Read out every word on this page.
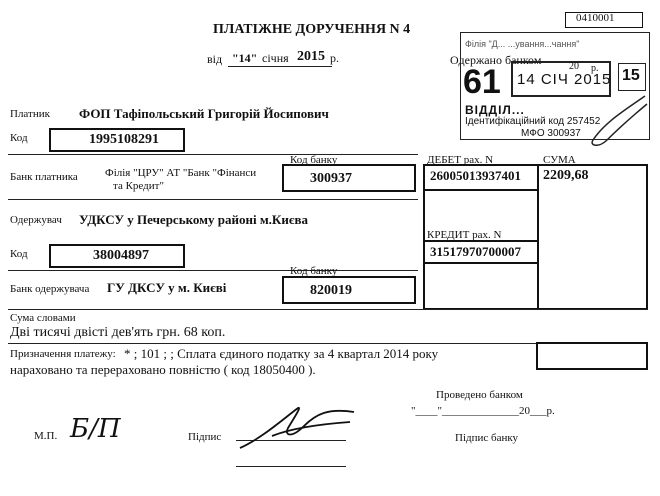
ПЛАТІЖНЕ ДОРУЧЕННЯ N 4
0410001
від "14" січня 2015 р.	Одержано банком
Філія "Д... ...ування...чання"
61 14 СІЧ 2015
20 р. 15
ВІДДІЛ...
Ідентифікаційний код 257452
МФО 300937
Платник ФОП Тафіпольський Григорій Йосипович
Код	1995108291
Банк платника Філія "ЦРУ" АТ "Банк "Фінанси
та Кредит"
Код банку
300937
ДЕБЕТ рах. N	СУМА
26005013937401 2209,68
Одержувач УДКСУ у Печерському районі м.Києва
Код	38004897
КРЕДИТ рах. N
31517970700007
Банк одержувача ГУ ДКСУ у м. Києві
Код банку
820019
Сума словами
Дві тисячі двісті дев'ять грн. 68 коп.
Призначення платежу: * ; 101 ; ; Сплата єдиного податку за 4 квартал 2014 року
нараховано та перераховано повністю ( код 18050400 ).
Проведено банком
"____"______________20___р.
М.П. Б/П	Підпис	Підпис банку
